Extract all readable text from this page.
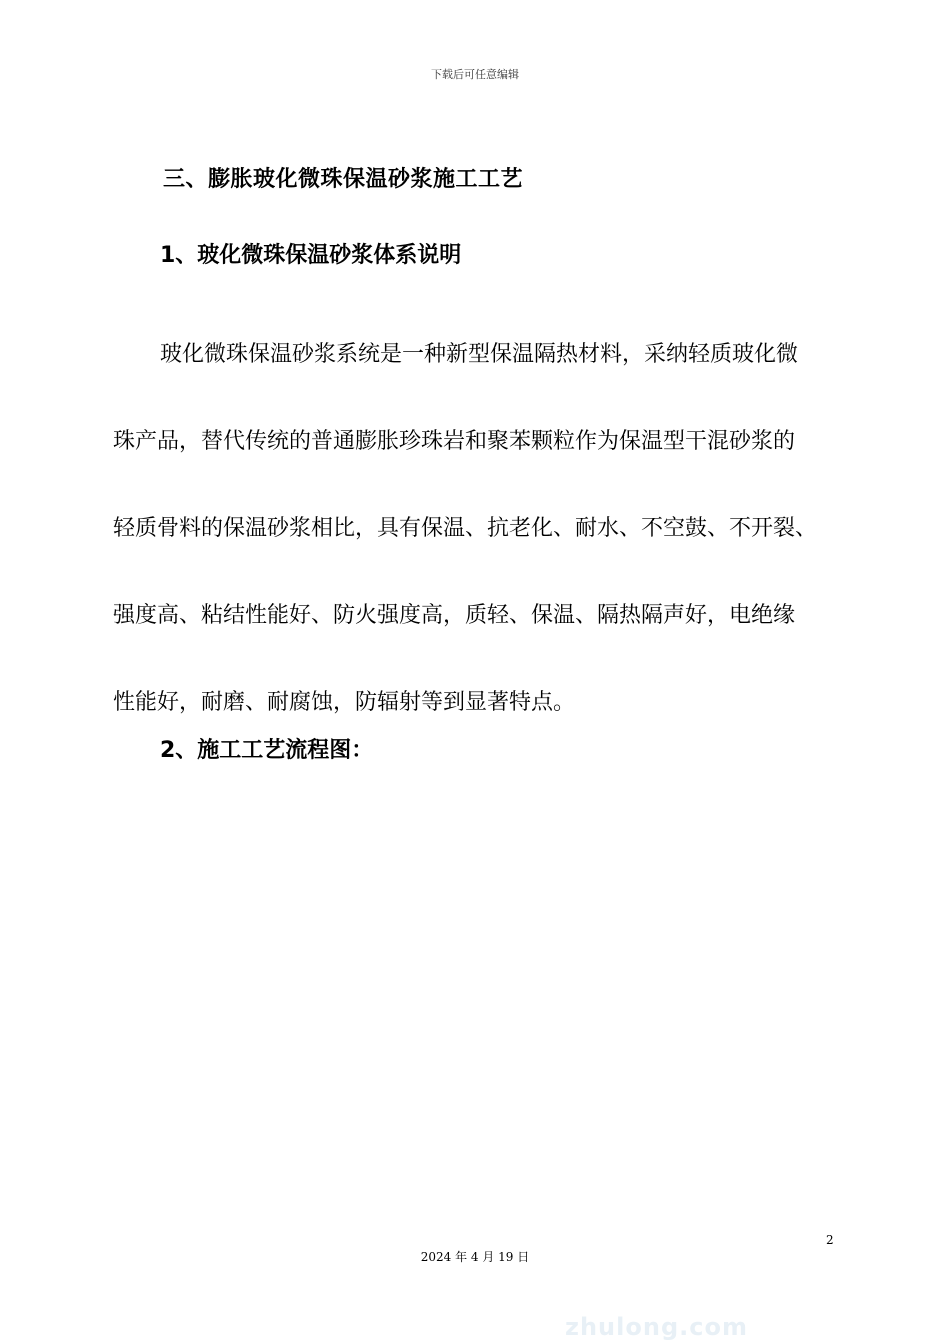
下载后可任意编辑
三、膨胀玻化微珠保温砂浆施工工艺
1、玻化微珠保温砂浆体系说明

玻化微珠保温砂浆系统是一种新型保温隔热材料，采纳轻质玻化微
珠产品，替代传统的普通膨胀珍珠岩和聚苯颗粒作为保温型干混砂浆的
轻质骨料的保温砂浆相比，具有保温、抗老化、耐水、不空鼓、不开裂、
强度高、粘结性能好、防火强度高，质轻、保温、隔热隔声好，电绝缘
性能好，耐磨、耐腐蚀，防辐射等到显著特点。

2、施工工艺流程图：
2
2024 年 4 月 19 日
zhulong.com
